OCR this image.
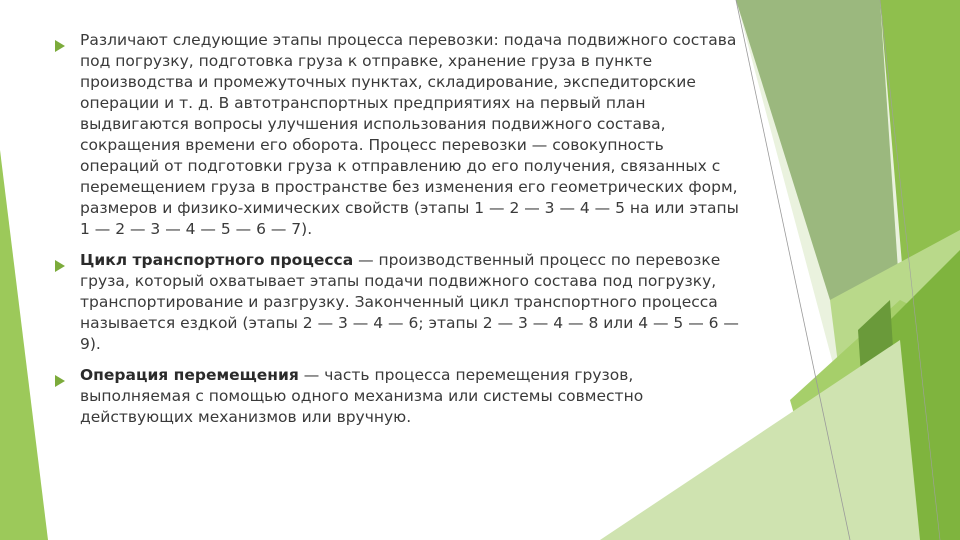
Различают следующие этапы процесса перевозки: подача подвижного состава под погрузку, подготовка груза к отправке, хранение груза в пункте производства и промежуточных пунктах, складирование, экспедиторские операции и т. д. В автотранспортных предприятиях на первый план выдвигаются вопросы улучшения использования подвижного состава, сокращения времени его оборота. Процесс перевозки — совокупность операций от подготовки груза к отправлению до его получения, связанных с перемещением груза в пространстве без изменения его геометрических форм, размеров и физико-химических свойств (этапы 1 — 2 — 3 — 4 — 5 на или этапы 1 — 2 — 3 — 4 — 5 — 6 — 7).
Цикл транспортного процесса — производственный процесс по перевозке груза, который охватывает этапы подачи подвижного состава под погрузку, транспортирование и разгрузку. Законченный цикл транспортного процесса называется ездкой (этапы 2 — 3 — 4 — 6; этапы 2 — 3 — 4 — 8 или 4 — 5 — 6 — 9).
Операция перемещения — часть процесса перемещения грузов, выполняемая с помощью одного механизма или системы совместно действующих механизмов или вручную.
